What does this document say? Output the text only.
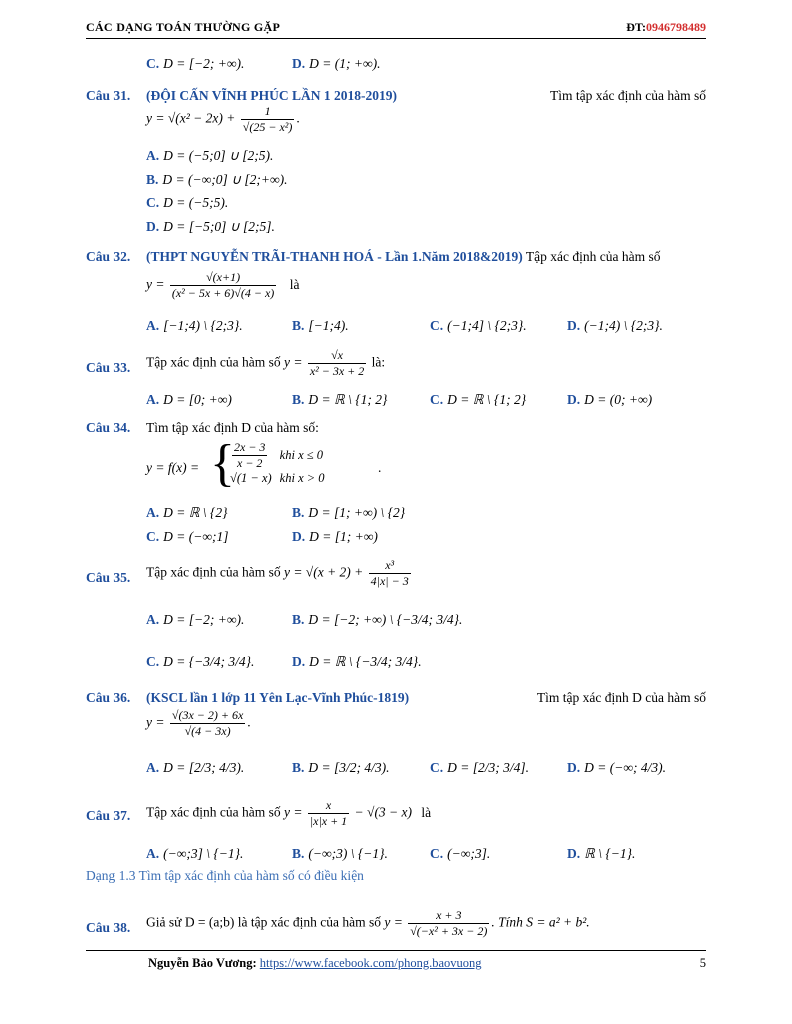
CÁC DẠNG TOÁN THƯỜNG GẶP	ĐT:0946798489
C. D = [−2; +∞).	D. D = (1; +∞).
Câu 31. (ĐỘI CẤN VĨNH PHÚC LẦN 1 2018-2019)	Tìm tập xác định của hàm số
$y = √(x^2 - 2x) + \frac{1}{\text{√(25 − x²)}}$ .
A. D = (−5;0] ∪ [2;5).
B. D = (−∞;0] ∪ [2;+∞).
C. D = (−5;5).
D. D = [−5;0] ∪ [2;5].
Câu 32. (THPT NGUYỄN TRÃI-THANH HOÁ - Lần 1.Năm 2018&2019) Tập xác định của hàm số
$y = \frac{√(x+1)}{\text{(x² − 5x + 6)√(4 − x)}}$ là
A. [−1;4) \ {2;3}.	B. [−1;4).	C. (−1;4] \ {2;3}.	D. (−1;4) \ {2;3}.
Câu 33. Tập xác định của hàm số $y = \frac{√x}{\text{x² − 3x + 2}}$ là:
A. D = [0; +∞)	B. D = ℝ \ {1; 2}	C. D = ℝ \ {1; 2}	D. D = (0; +∞)
Câu 34. Tìm tập xác định D của hàm số:
y = f(x) = {
$\frac{2x - 3}{x - 2}$	khi x ≤ 0
√(1 − x)	khi x > 0
.
A. D = ℝ \ {2}	B. D = [1; +∞) \ {2}
C. D = (−∞;1]	D. D = [1; +∞)
Câu 35. Tập xác định của hàm số $y = √(x + 2) + \frac{\text{x³}}{4|x| - 3}$
A. D = [−2; +∞).	B. D = [−2; +∞) \ {−3/4; 3/4}.
C. D = {−3/4; 3/4}.	D. D = ℝ \ {−3/4; 3/4}.
Câu 36. (KSCL lần 1 lớp 11 Yên Lạc-Vĩnh Phúc-1819)	Tìm tập xác định D của hàm số
$y = \frac{√(3x - 2) + 6x}{√(4 - 3x)}$ .
A. D = [2/3; 4/3).	B. D = [3/2; 4/3).	C. D = [2/3; 3/4].	D. D = (−∞; 4/3).
Câu 37. Tập xác định của hàm số $y = \frac{x}{|x|x + 1} - √(3 - x)$ là
A. (−∞;3] \ {−1}.	B. (−∞;3) \ {−1}.	C. (−∞;3].	D. ℝ \ {−1}.
Dạng 1.3 Tìm tập xác định của hàm số có điều kiện
Câu 38. Giả sử D = (a;b) là tập xác định của hàm số $y = \frac{x + 3}{\text{√(−x² + 3x − 2)}}$ . Tính S = a² + b².
Nguyễn Bảo Vương: https://www.facebook.com/phong.baovuong	5
